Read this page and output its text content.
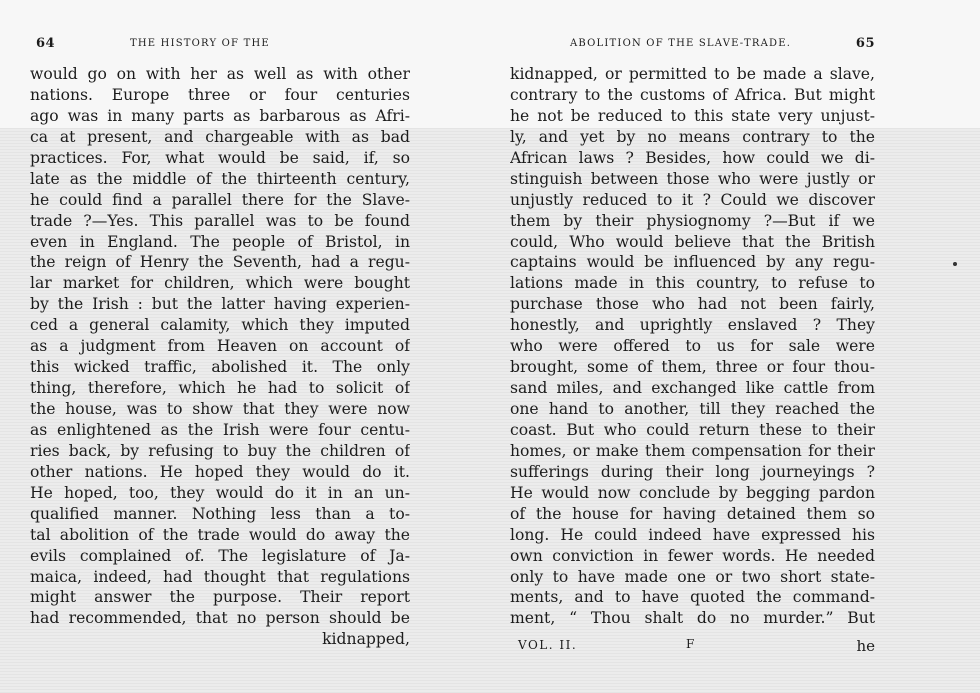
64	THE HISTORY OF THE
would go on with her as well as with other
nations. Europe three or four centuries
ago was in many parts as barbarous as Afri-
ca at present, and chargeable with as bad
practices. For, what would be said, if, so
late as the middle of the thirteenth century,
he could find a parallel there for the Slave-
trade ?—Yes. This parallel was to be found
even in England. The people of Bristol, in
the reign of Henry the Seventh, had a regu-
lar market for children, which were bought
by the Irish : but the latter having experien-
ced a general calamity, which they imputed
as a judgment from Heaven on account of
this wicked traffic, abolished it. The only
thing, therefore, which he had to solicit of
the house, was to show that they were now
as enlightened as the Irish were four centu-
ries back, by refusing to buy the children of
other nations. He hoped they would do it.
He hoped, too, they would do it in an un-
qualified manner. Nothing less than a to-
tal abolition of the trade would do away the
evils complained of. The legislature of Ja-
maica, indeed, had thought that regulations
might answer the purpose. Their report
had recommended, that no person should be
kidnapped,
ABOLITION OF THE SLAVE-TRADE.	65
kidnapped, or permitted to be made a slave,
contrary to the customs of Africa. But might
he not be reduced to this state very unjust-
ly, and yet by no means contrary to the
African laws ? Besides, how could we di-
stinguish between those who were justly or
unjustly reduced to it ? Could we discover
them by their physiognomy ?—But if we
could, Who would believe that the British
captains would be influenced by any regu-
lations made in this country, to refuse to
purchase those who had not been fairly,
honestly, and uprightly enslaved ? They
who were offered to us for sale were
brought, some of them, three or four thou-
sand miles, and exchanged like cattle from
one hand to another, till they reached the
coast. But who could return these to their
homes, or make them compensation for their
sufferings during their long journeyings ?
He would now conclude by begging pardon
of the house for having detained them so
long. He could indeed have expressed his
own conviction in fewer words. He needed
only to have made one or two short state-
ments, and to have quoted the command-
ment, “ Thou shalt do no murder.” But
VOL. II.	F	he
